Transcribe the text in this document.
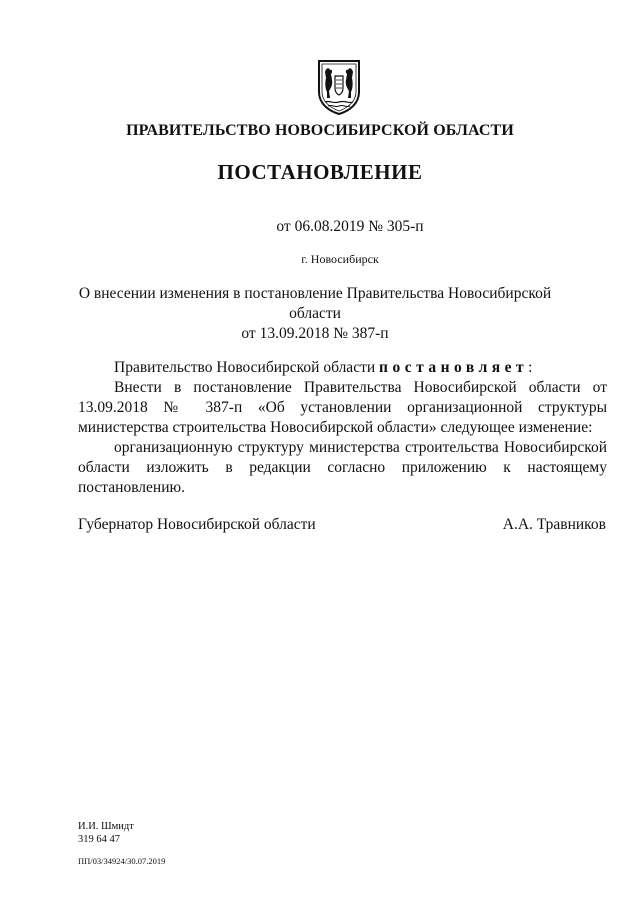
ПРАВИТЕЛЬСТВО НОВОСИБИРСКОЙ ОБЛАСТИ
ПОСТАНОВЛЕНИЕ
от 06.08.2019 № 305-п
г. Новосибирск
О внесении изменения в постановление Правительства Новосибирской области
от 13.09.2018 № 387-п

Правительство Новосибирской области постановляет:

Внести в постановление Правительства Новосибирской области от 13.09.2018 № 387-п «Об установлении организационной структуры министерства строительства Новосибирской области» следующее изменение:

организационную структуру министерства строительства Новосибирской области изложить в редакции согласно приложению к настоящему постановлению.

Губернатор Новосибирской области	А.А. Травников
И.И. Шмидт
319 64 47
ПП/03/34924/30.07.2019
